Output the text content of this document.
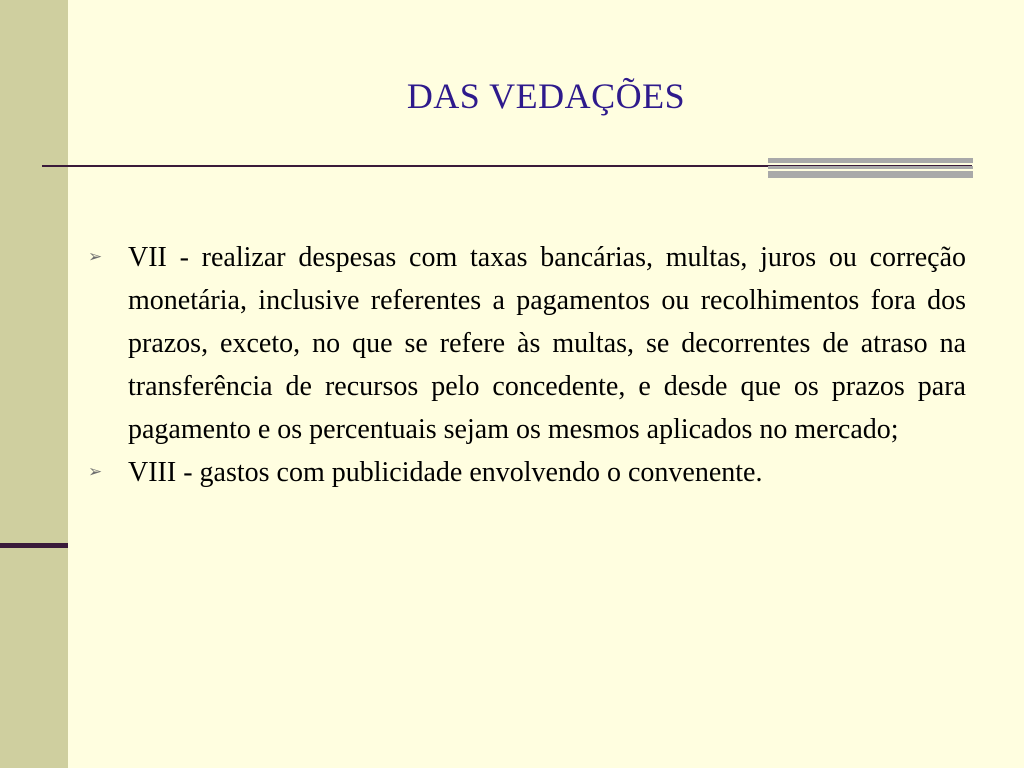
DAS VEDAÇÕES
➢ VII - realizar despesas com taxas bancárias, multas, juros ou correção monetária, inclusive referentes a pagamentos ou recolhimentos fora dos prazos, exceto, no que se refere às multas, se decorrentes de atraso na transferência de recursos pelo concedente, e desde que os prazos para pagamento e os percentuais sejam os mesmos aplicados no mercado;
➢ VIII - gastos com publicidade envolvendo o convenente.
